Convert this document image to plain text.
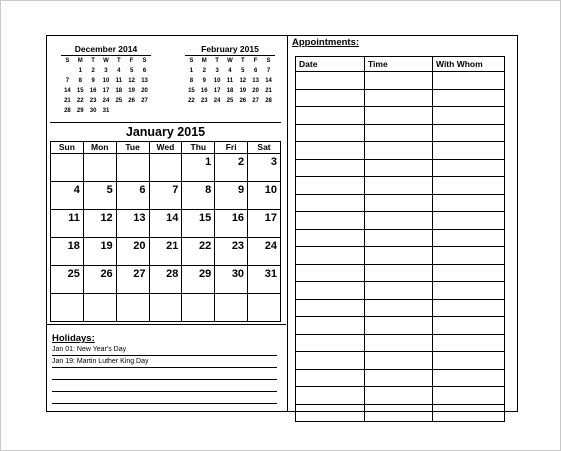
December 2014
S	M	T	W	T	F	S
	1	2	3	4	5	6
7	8	9	10	11	12	13
14	15	16	17	18	19	20
21	22	23	24	25	26	27
28	29	30	31			
February 2015
S	M	T	W	T	F	S
1	2	3	4	5	6	7
8	9	10	11	12	13	14
15	16	17	18	19	20	21
22	23	24	25	26	27	28
January 2015
Sun	Mon	Tue	Wed	Thu	Fri	Sat
				1	2	3
4	5	6	7	8	9	10
11	12	13	14	15	16	17
18	19	20	21	22	23	24
25	26	27	28	29	30	31

Holidays:
Jan 01: New Year's Day
Jan 19: Martin Luther King Day
Appointments:
Date	Time	With Whom
